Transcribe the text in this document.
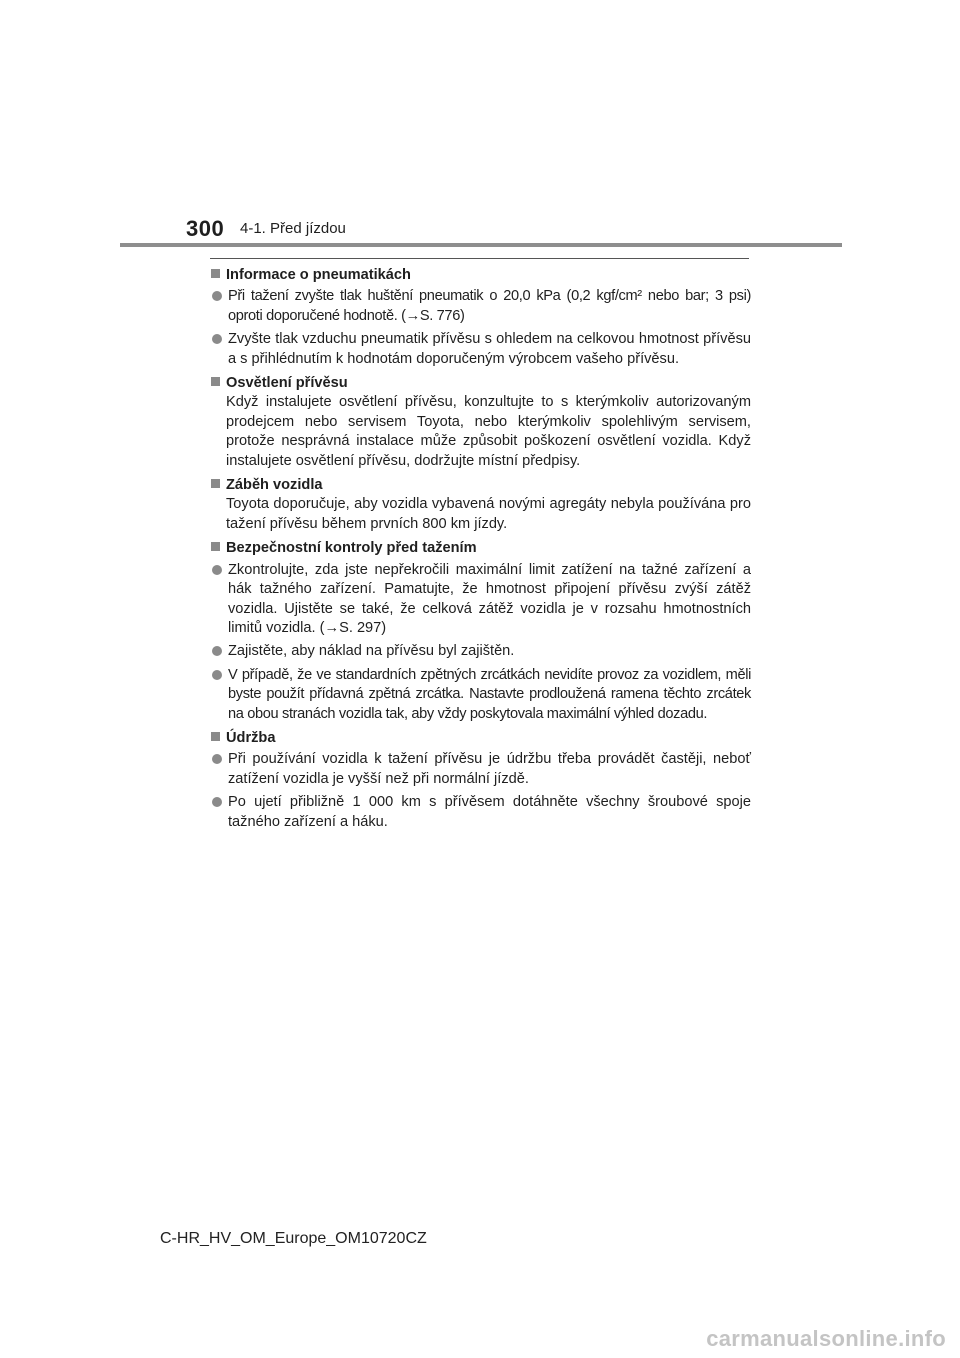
300 4-1. Před jízdou
Informace o pneumatikách
Při tažení zvyšte tlak huštění pneumatik o 20,0 kPa (0,2 kgf/cm² nebo bar; 3 psi) oproti doporučené hodnotě. (→S. 776)
Zvyšte tlak vzduchu pneumatik přívěsu s ohledem na celkovou hmotnost přívěsu a s přihlédnutím k hodnotám doporučeným výrobcem vašeho přívěsu.
Osvětlení přívěsu
Když instalujete osvětlení přívěsu, konzultujte to s kterýmkoliv autorizovaným prodejcem nebo servisem Toyota, nebo kterýmkoliv spolehlivým servisem, protože nesprávná instalace může způsobit poškození osvětlení vozidla. Když instalujete osvětlení přívěsu, dodržujte místní předpisy.
Záběh vozidla
Toyota doporučuje, aby vozidla vybavená novými agregáty nebyla používána pro tažení přívěsu během prvních 800 km jízdy.
Bezpečnostní kontroly před tažením
Zkontrolujte, zda jste nepřekročili maximální limit zatížení na tažné zařízení a hák tažného zařízení. Pamatujte, že hmotnost připojení přívěsu zvýší zátěž vozidla. Ujistěte se také, že celková zátěž vozidla je v rozsahu hmotnostních limitů vozidla. (→S. 297)
Zajistěte, aby náklad na přívěsu byl zajištěn.
V případě, že ve standardních zpětných zrcátkách nevidíte provoz za vozidlem, měli byste použít přídavná zpětná zrcátka. Nastavte prodloužená ramena těchto zrcátek na obou stranách vozidla tak, aby vždy poskytovala maximální výhled dozadu.
Údržba
Při používání vozidla k tažení přívěsu je údržbu třeba provádět častěji, neboť zatížení vozidla je vyšší než při normální jízdě.
Po ujetí přibližně 1 000 km s přívěsem dotáhněte všechny šroubové spoje tažného zařízení a háku.
C-HR_HV_OM_Europe_OM10720CZ
carmanualsonline.info
